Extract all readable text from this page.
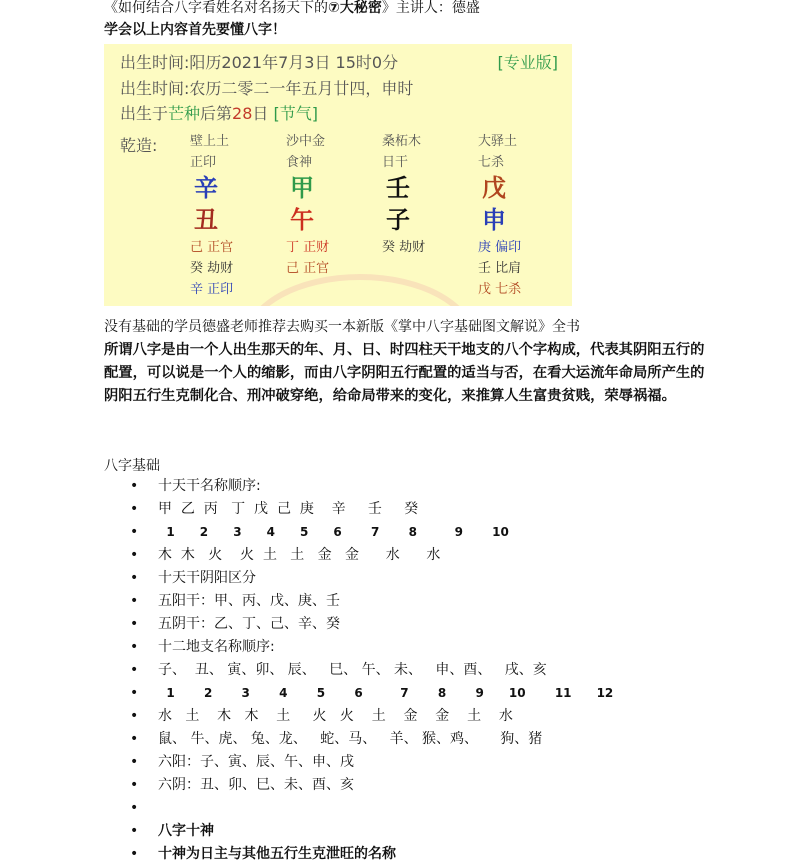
《如何结合八字看姓名对名扬天下的⑦大秘密》主讲人：德盛
学会以上内容首先要懂八字！
出生时间:阳历2021年7月3日 15时0分	[专业版]
出生时间:农历二零二一年五月廿四，申时
出生于芒种后第28日 [节气]
乾造:	壁上土
正印
辛
丑
己 正官
癸 劫财
辛 正印
沙中金
食神
甲
午
丁 正财
己 正官
桑柘木
日干
壬
子
癸 劫财
大驿土
七杀
戊
申
庚 偏印
壬 比肩
戊 七杀
没有基础的学员德盛老师推荐去购买一本新版《掌中八字基础图文解说》全书
所谓八字是由一个人出生那天的年、月、日、时四柱天干地支的八个字构成，代表其阴阳五行的配置，可以说是一个人的缩影，而由八字阴阳五行配置的适当与否，在看大运流年命局所产生的阴阳五行生克制化合、刑冲破穿绝，给命局带来的变化，来推算人生富贵贫贱，荣辱祸福。
八字基础
• 十天干名称顺序:
• 甲  乙  丙   丁  戊  己  庚    辛     壬     癸
• 1      2      3      4      5      6       7       8         9       10
• 木  木   火    火  土   土   金   金      水      水
• 十天干阴阳区分
• 五阳干：甲、丙、戊、庚、壬
• 五阴干：乙、丁、己、辛、癸
• 十二地支名称顺序:
• 子、  丑、 寅、卯、 辰、   巳、 午、 未、   申、酉、   戌、亥
• 1       2       3       4       5       6         7       8       9      10       11      12
• 水   土    木   木    土     火   火    土    金    金    土    水
• 鼠、 牛、虎、 兔、龙、   蛇、马、   羊、 猴、鸡、     狗、猪
• 六阳：子、寅、辰、午、申、戌
• 六阴：丑、卯、巳、未、酉、亥
•
• 八字十神
• 十神为日主与其他五行生克泄旺的名称
